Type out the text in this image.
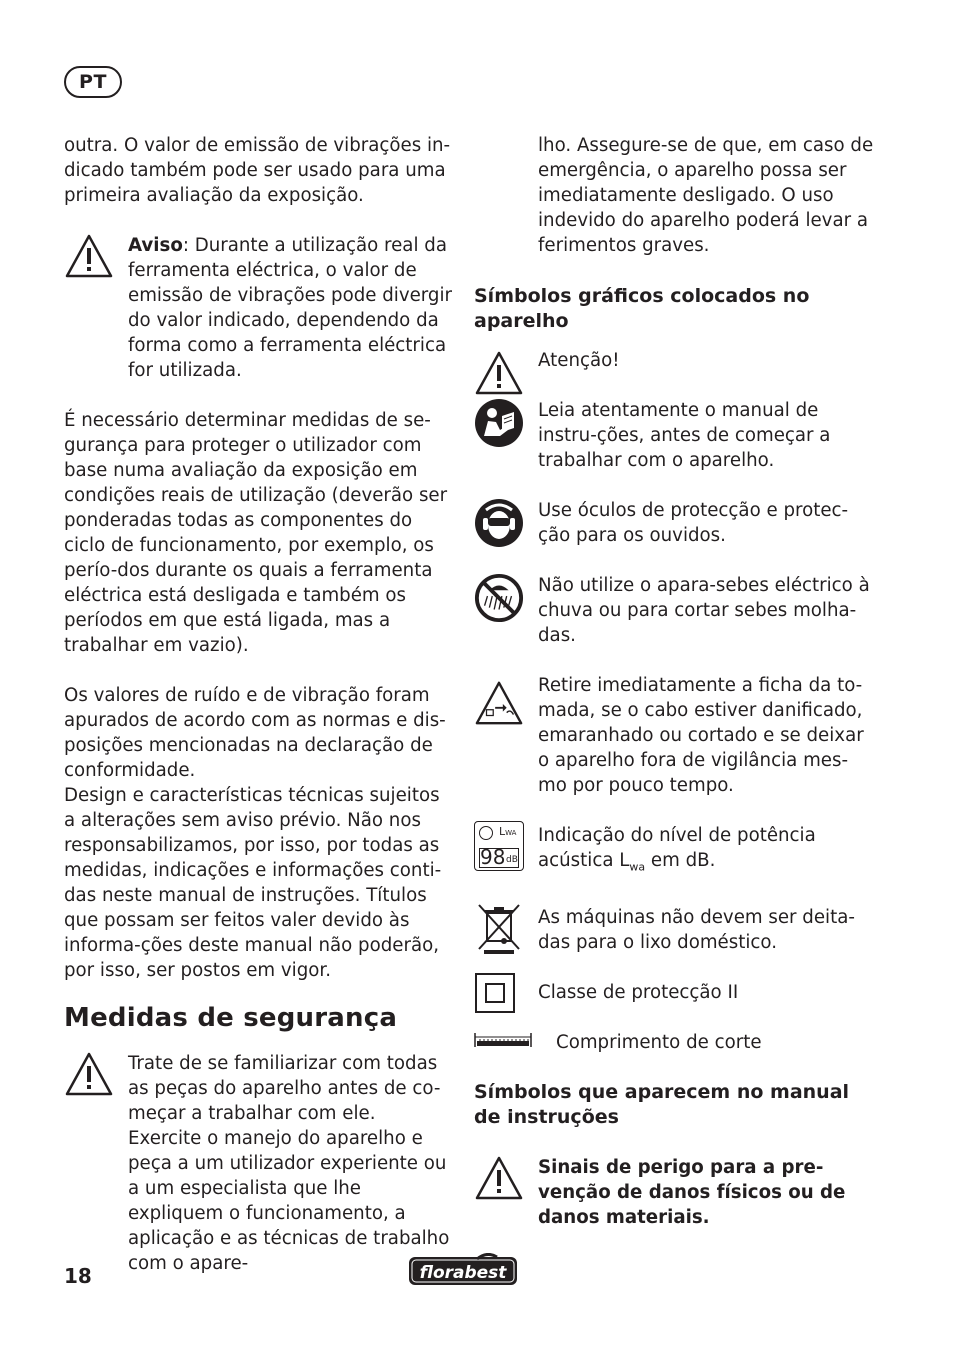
PT

outra. O valor de emissão de vibrações in-dicado também pode ser usado para uma primeira avaliação da exposição.

Aviso: Durante a utilização real da ferramenta eléctrica, o valor de emissão de vibrações pode divergir do valor indicado, dependendo da forma como a ferramenta eléctrica for utilizada.

É necessário determinar medidas de se-gurança para proteger o utilizador com base numa avaliação da exposição em condições reais de utilização (deverão ser ponderadas todas as componentes do ciclo de funcionamento, por exemplo, os perío-dos durante os quais a ferramenta eléctrica está desligada e também os períodos em que está ligada, mas a trabalhar em vazio).

Os valores de ruído e de vibração foram apurados de acordo com as normas e dis-posições mencionadas na declaração de conformidade.

Design e características técnicas sujeitos a alterações sem aviso prévio. Não nos responsabilizamos, por isso, por todas as medidas, indicações e informações conti-das neste manual de instruções. Títulos que possam ser feitos valer devido às informa-ções deste manual não poderão, por isso, ser postos em vigor.

Medidas de segurança

Trate de se familiarizar com todas as peças do aparelho antes de co-meçar a trabalhar com ele. Exercite o manejo do aparelho e peça a um utilizador experiente ou a um especialista que lhe expliquem o funcionamento, a aplicação e as técnicas de trabalho com o apare-

lho. Assegure-se de que, em caso de emergência, o aparelho possa ser imediatamente desligado. O uso indevido do aparelho poderá levar a ferimentos graves.

Símbolos gráficos colocados no aparelho

Atenção!

Leia atentamente o manual de instru-ções, antes de começar a trabalhar com o aparelho.

Use óculos de protecção e protec-ção para os ouvidos.

Não utilize o apara-sebes eléctrico à chuva ou para cortar sebes molha-das.

Retire imediatamente a ficha da to-mada, se o cabo estiver danificado, emaranhado ou cortado e se deixar o aparelho fora de vigilância mes-mo por pouco tempo.

LWA
98 dB

Indicação do nível de potência acústica $L_{wa}$ em dB.

As máquinas não devem ser deita-das para o lixo doméstico.

Classe de protecção II

Comprimento de corte

Símbolos que aparecem no manual de instruções

Sinais de perigo para a pre-venção de danos físicos ou de danos materiais.

18	florabest
